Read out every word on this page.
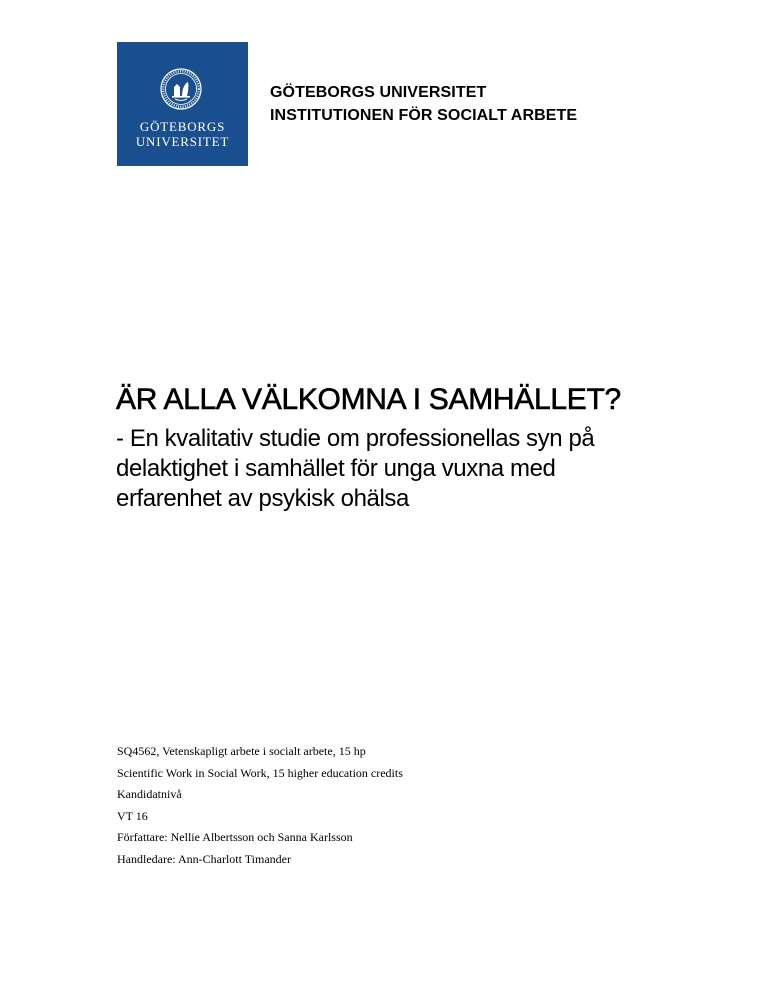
GÖTEBORGS
UNIVERSITET
GÖTEBORGS UNIVERSITET
INSTITUTIONEN FÖR SOCIALT ARBETE
ÄR ALLA VÄLKOMNA I SAMHÄLLET?
- En kvalitativ studie om professionellas syn på
delaktighet i samhället för unga vuxna med
erfarenhet av psykisk ohälsa
SQ4562, Vetenskapligt arbete i socialt arbete, 15 hp
Scientific Work in Social Work, 15 higher education credits
Kandidatnivå
VT 16
Författare: Nellie Albertsson och Sanna Karlsson
Handledare: Ann-Charlott Timander
